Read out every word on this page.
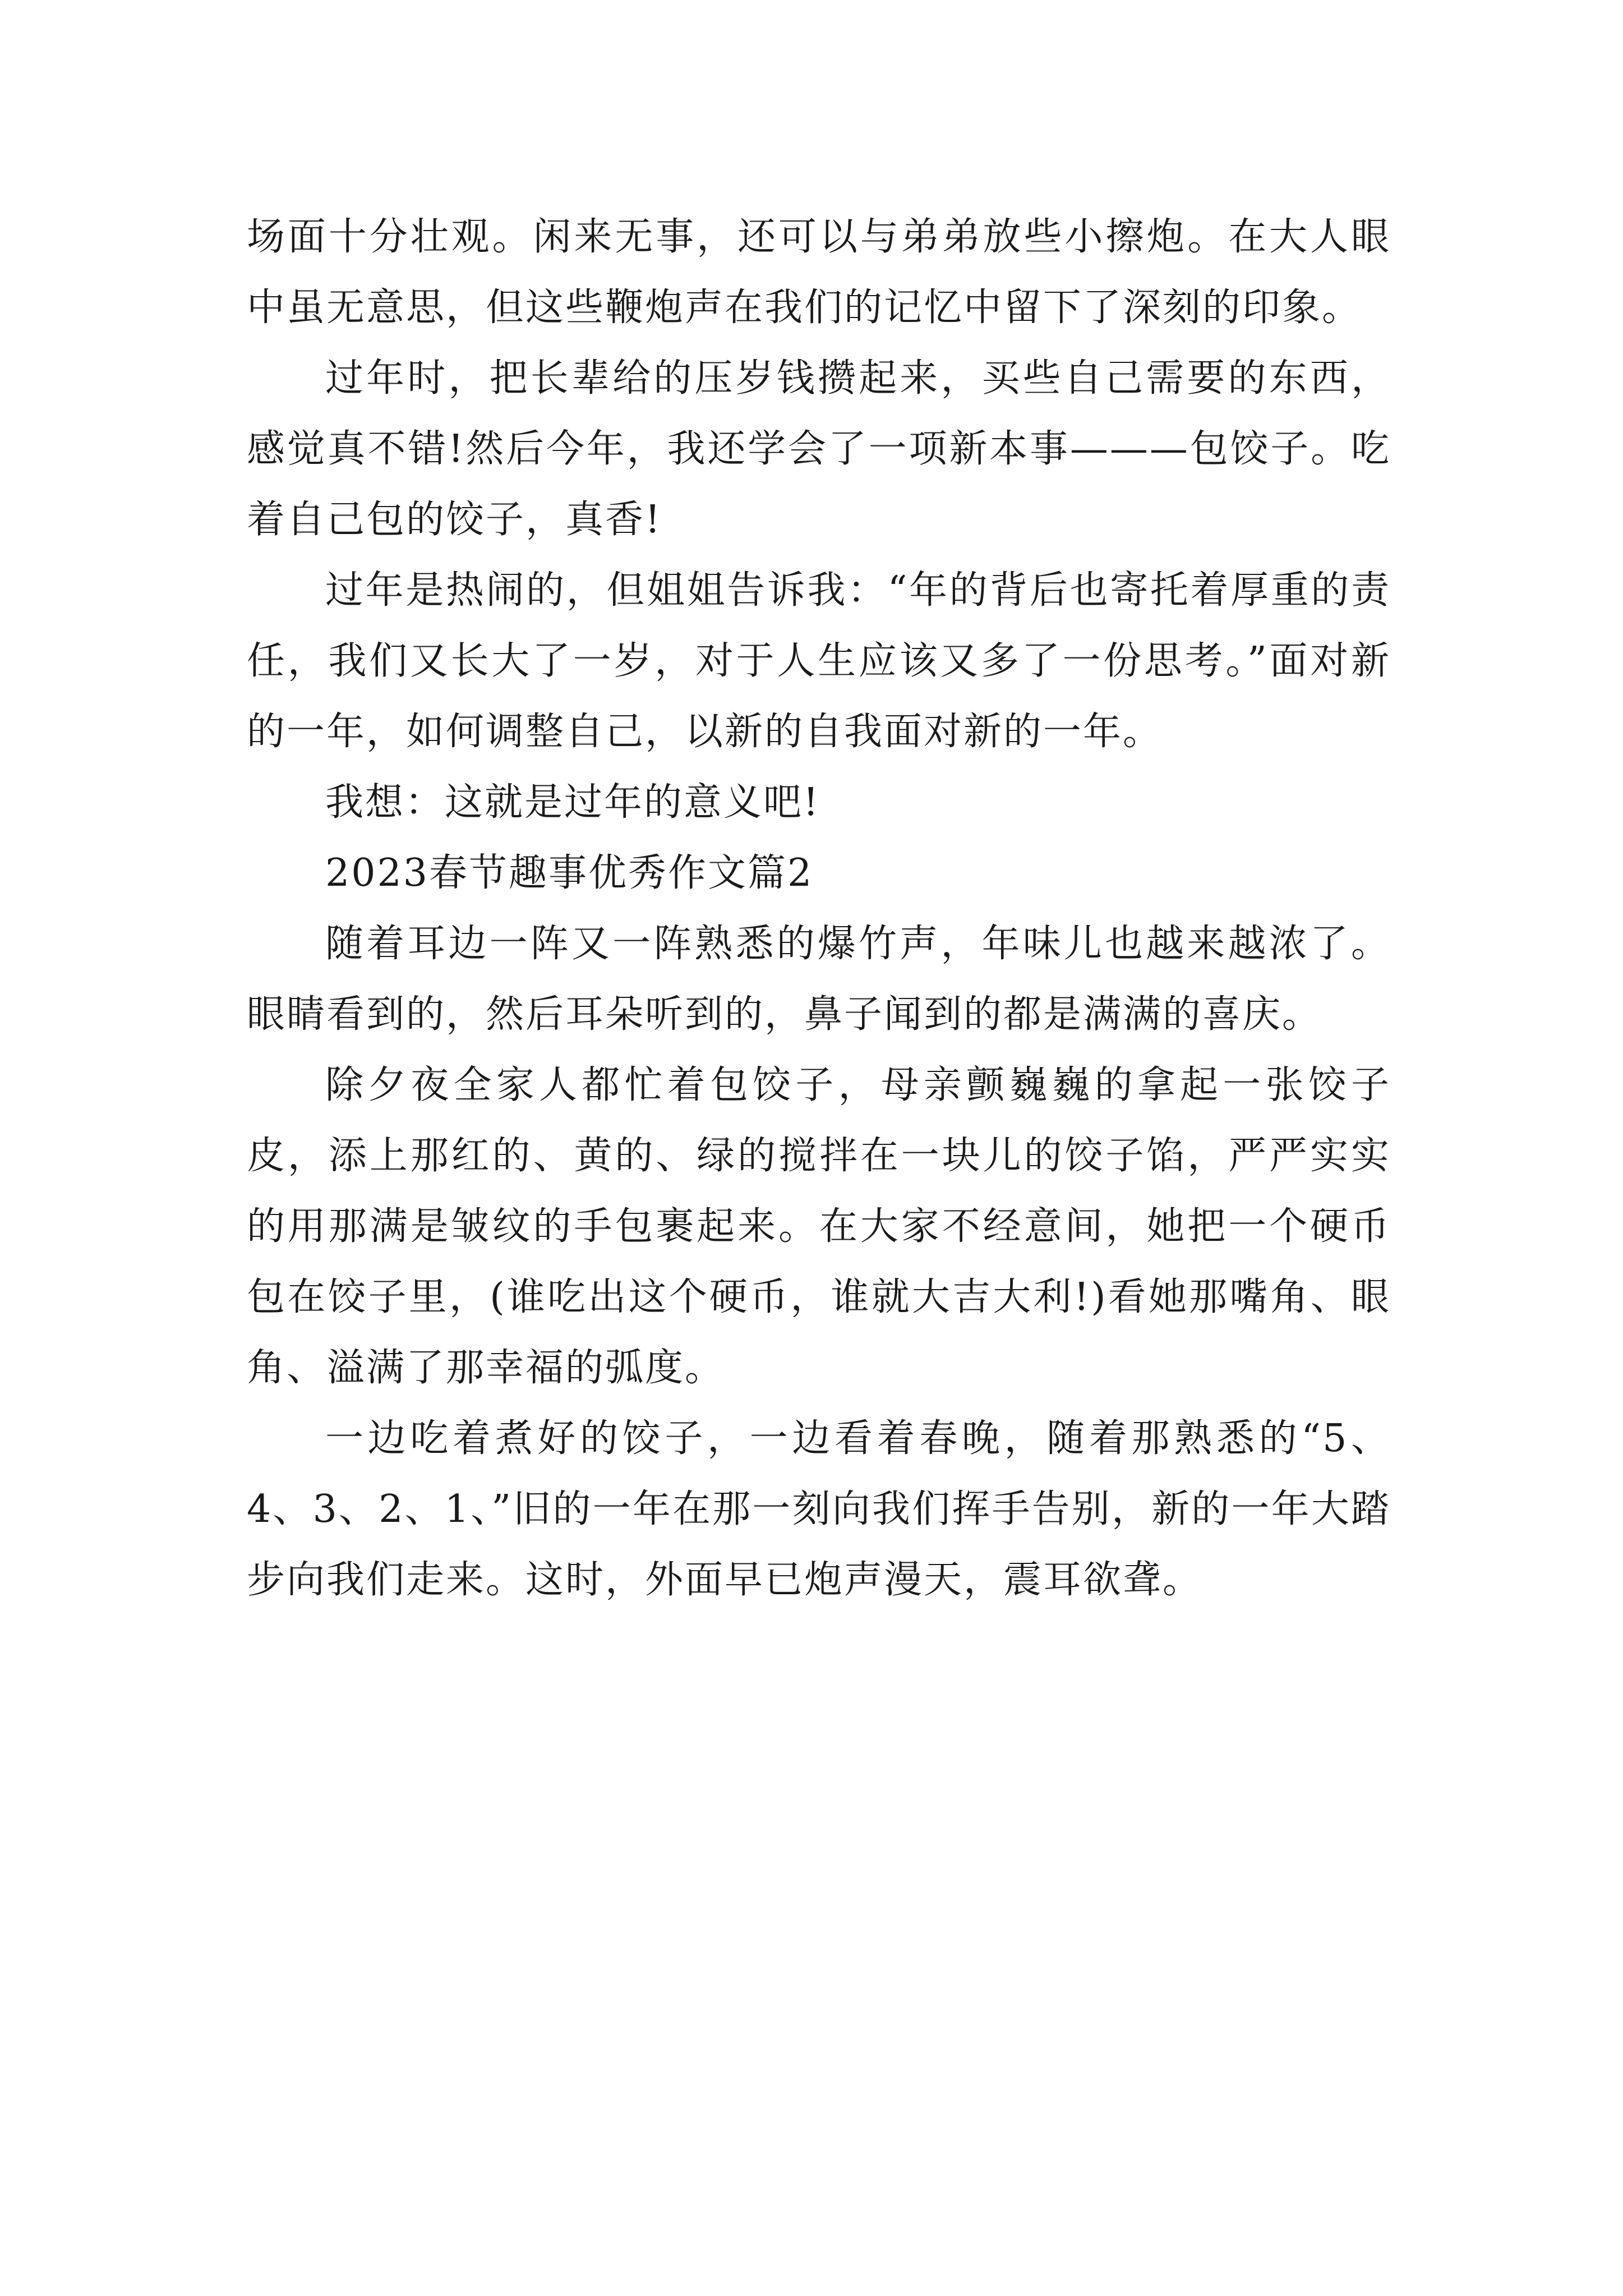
场面十分壮观。闲来无事，还可以与弟弟放些小擦炮。在大人眼中虽无意思，但这些鞭炮声在我们的记忆中留下了深刻的印象。

过年时，把长辈给的压岁钱攒起来，买些自己需要的东西，感觉真不错!然后今年，我还学会了一项新本事———包饺子。吃着自己包的饺子，真香!

过年是热闹的，但姐姐告诉我：“年的背后也寄托着厚重的责任，我们又长大了一岁，对于人生应该又多了一份思考。”面对新的一年，如何调整自己，以新的自我面对新的一年。

我想：这就是过年的意义吧!

2023春节趣事优秀作文篇2

随着耳边一阵又一阵熟悉的爆竹声，年味儿也越来越浓了。眼睛看到的，然后耳朵听到的，鼻子闻到的都是满满的喜庆。

除夕夜全家人都忙着包饺子，母亲颤巍巍的拿起一张饺子皮，添上那红的、黄的、绿的搅拌在一块儿的饺子馅，严严实实的用那满是皱纹的手包裹起来。在大家不经意间，她把一个硬币包在饺子里，(谁吃出这个硬币，谁就大吉大利!)看她那嘴角、眼角、溢满了那幸福的弧度。

一边吃着煮好的饺子，一边看着春晚，随着那熟悉的“5、4、3、2、1、”旧的一年在那一刻向我们挥手告别，新的一年大踏步向我们走来。这时，外面早已炮声漫天，震耳欲聋。
